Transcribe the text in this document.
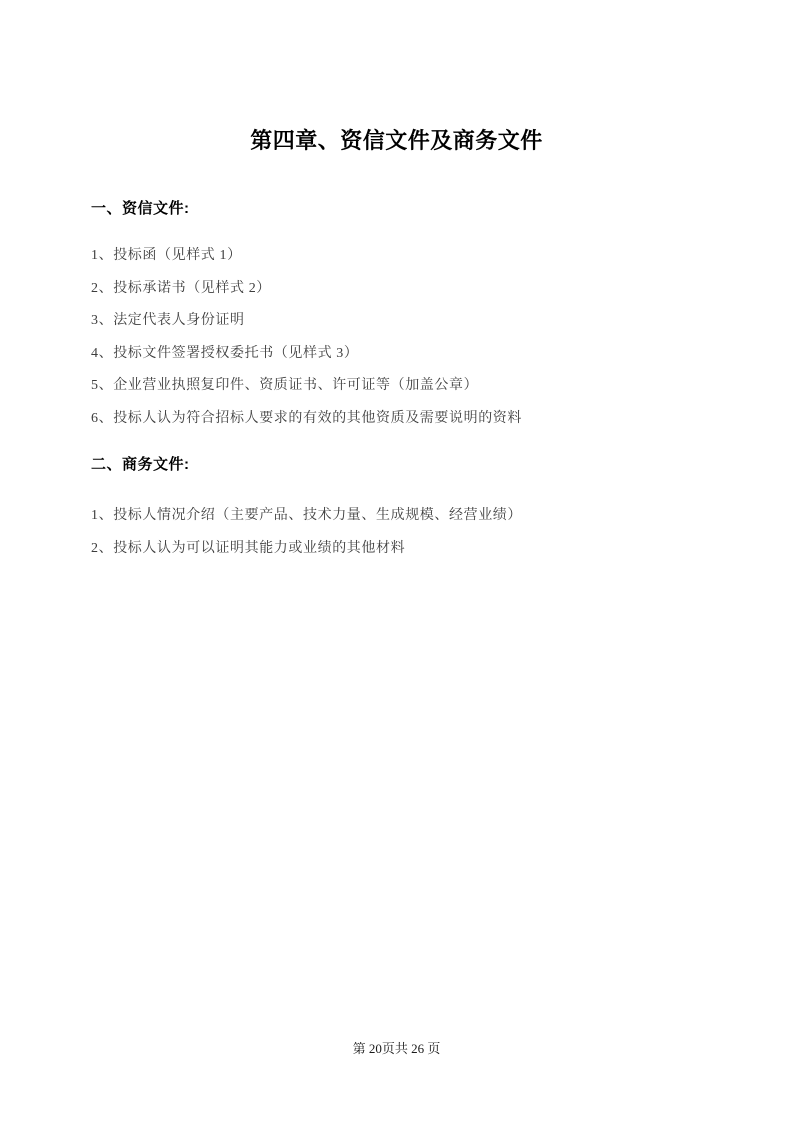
第四章、资信文件及商务文件
一、资信文件:

1、投标函（见样式 1）

2、投标承诺书（见样式 2）

3、法定代表人身份证明

4、投标文件签署授权委托书（见样式 3）

5、企业营业执照复印件、资质证书、许可证等（加盖公章）

6、投标人认为符合招标人要求的有效的其他资质及需要说明的资料

二、商务文件:

1、投标人情况介绍（主要产品、技术力量、生成规模、经营业绩）

2、投标人认为可以证明其能力或业绩的其他材料

第 20页共 26 页
